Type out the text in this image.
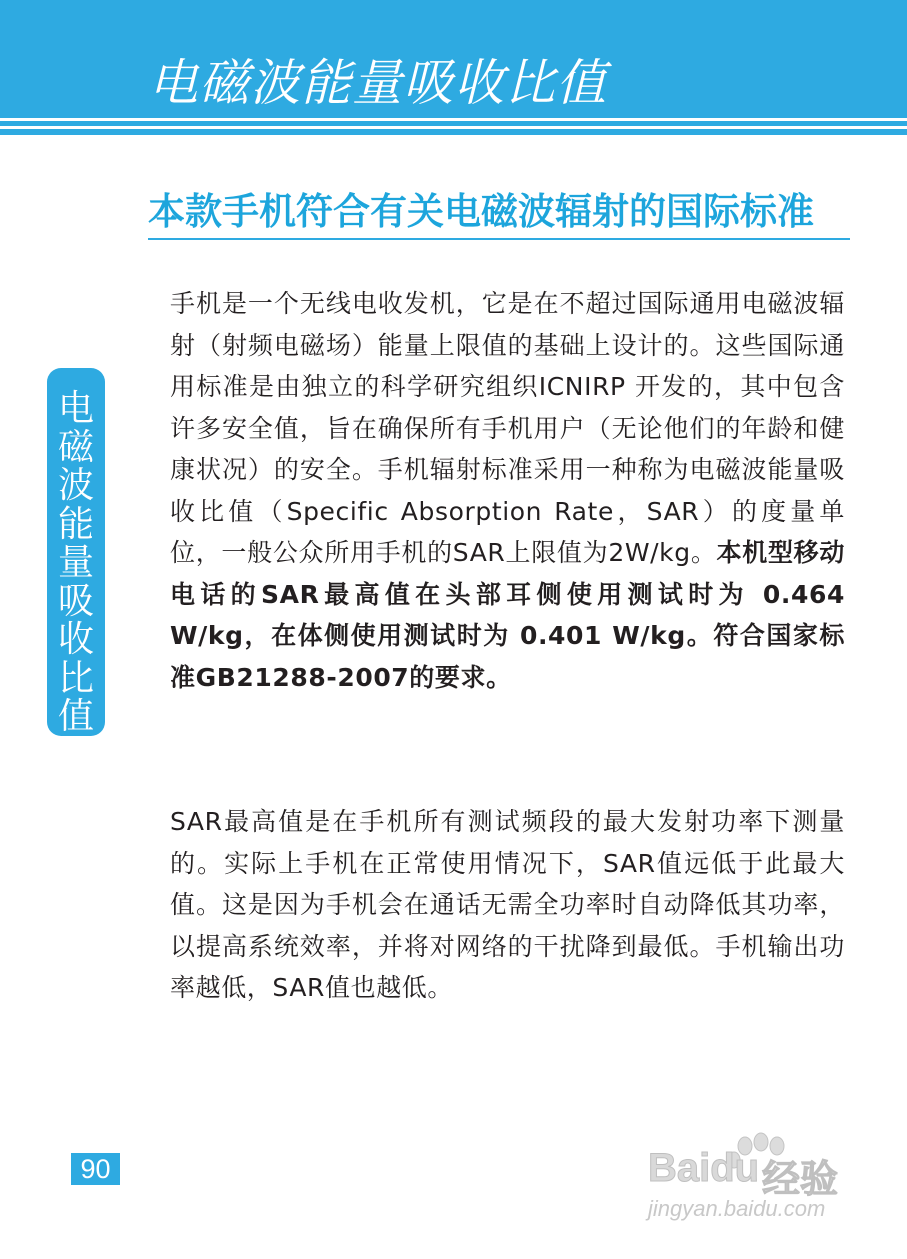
电磁波能量吸收比值
本款手机符合有关电磁波辐射的国际标准
电
磁
波
能
量
吸
收
比
值

手机是一个无线电收发机，它是在不超过国际通用电磁波辐射（射频电磁场）能量上限值的基础上设计的。这些国际通用标准是由独立的科学研究组织ICNIRP 开发的，其中包含许多安全值，旨在确保所有手机用户（无论他们的年龄和健康状况）的安全。手机辐射标准采用一种称为电磁波能量吸收比值（Specific Absorption Rate，SAR）的度量单位，一般公众所用手机的SAR上限值为2W/kg。本机型移动电话的SAR最高值在头部耳侧使用测试时为 0.464 W/kg，在体侧使用测试时为 0.401 W/kg。符合国家标准GB21288-2007的要求。

SAR最高值是在手机所有测试频段的最大发射功率下测量的。实际上手机在正常使用情况下，SAR值远低于此最大值。这是因为手机会在通话无需全功率时自动降低其功率，以提高系统效率，并将对网络的干扰降到最低。手机输出功率越低，SAR值也越低。

90	Baidu 经验
jingyan.baidu.com
